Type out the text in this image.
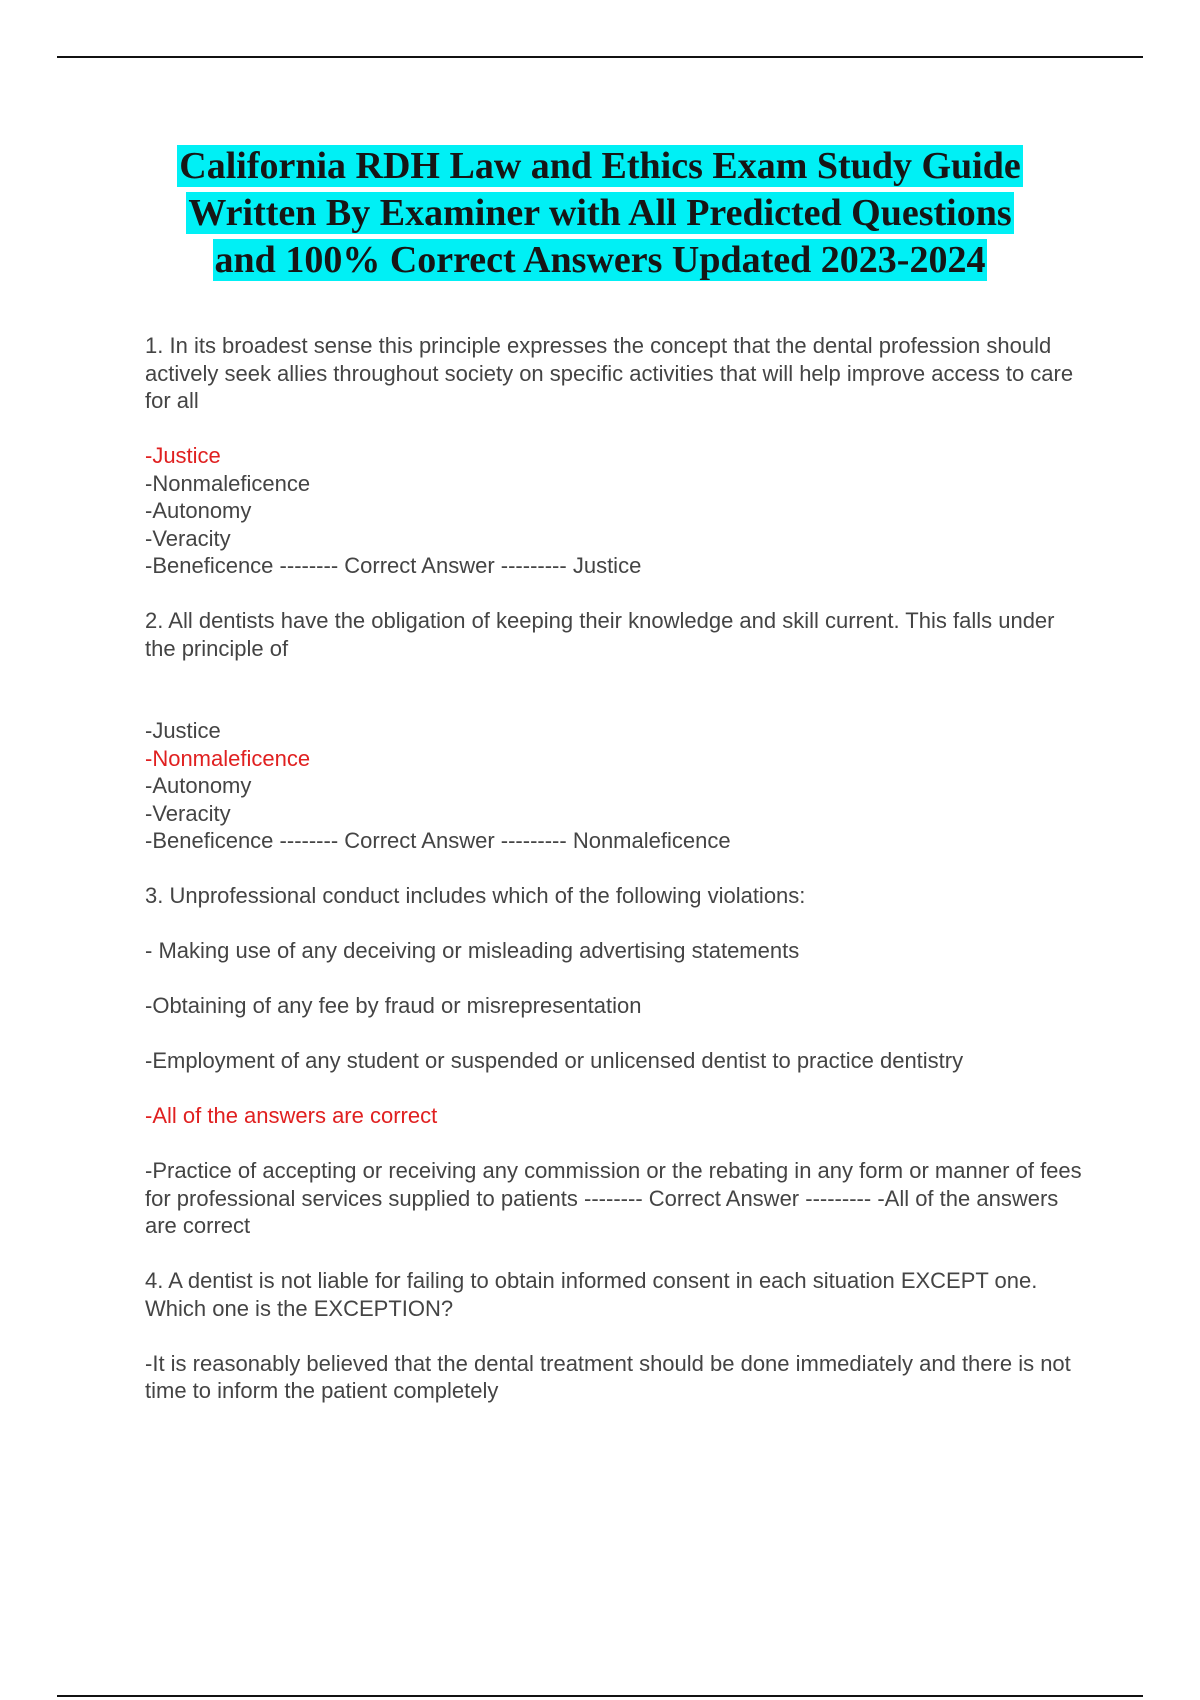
California RDH Law and Ethics Exam Study Guide
Written By Examiner with All Predicted Questions
and 100% Correct Answers Updated 2023-2024

1. In its broadest sense this principle expresses the concept that the dental profession should actively seek allies throughout society on specific activities that will help improve access to care for all

-Justice
-Nonmaleficence
-Autonomy
-Veracity
-Beneficence -------- Correct Answer --------- Justice

2. All dentists have the obligation of keeping their knowledge and skill current. This falls under the principle of

-Justice
-Nonmaleficence
-Autonomy
-Veracity
-Beneficence -------- Correct Answer --------- Nonmaleficence

3. Unprofessional conduct includes which of the following violations:

- Making use of any deceiving or misleading advertising statements
-Obtaining of any fee by fraud or misrepresentation
-Employment of any student or suspended or unlicensed dentist to practice dentistry
-All of the answers are correct
-Practice of accepting or receiving any commission or the rebating in any form or manner of fees for professional services supplied to patients -------- Correct Answer --------- -All of the answers are correct

4. A dentist is not liable for failing to obtain informed consent in each situation EXCEPT one. Which one is the EXCEPTION?

-It is reasonably believed that the dental treatment should be done immediately and there is not time to inform the patient completely
